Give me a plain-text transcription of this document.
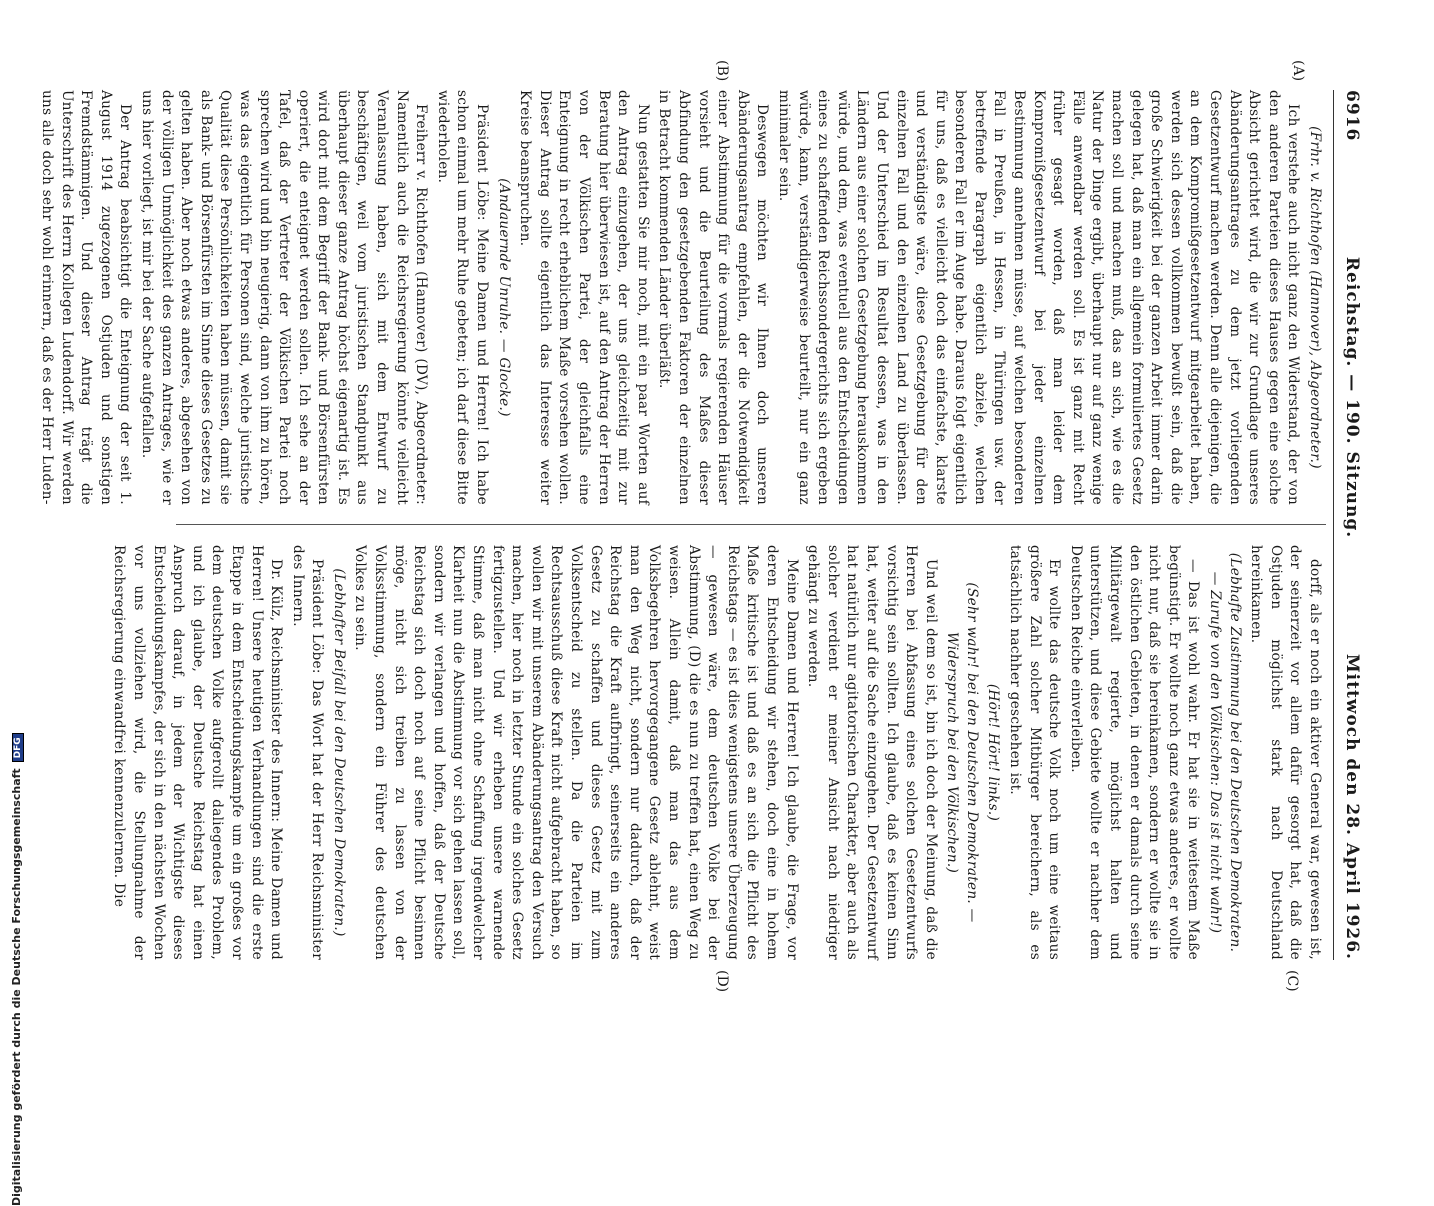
6916
Reichstag. — 190. Sitzung.
Mittwoch den 28. April 1926.

(Frhr. v. Richthofen (Hannover), Abgeordneter.)

Ich verstehe auch nicht ganz den Widerstand, der von den anderen Parteien dieses Hauses gegen eine solche Absicht gerichtet wird, die wir zur Grundlage unseres Abänderungsantrages zu dem jetzt vorliegenden Gesetzentwurf machen werden. Denn alle diejenigen, die an dem Kompromißgesetzentwurf mitgearbeitet haben, werden sich dessen vollkommen bewußt sein, daß die große Schwierigkeit bei der ganzen Arbeit immer darin gelegen hat, daß man ein allgemein formuliertes Gesetz machen soll und machen muß, das an sich, wie es die Natur der Dinge ergibt, überhaupt nur auf ganz wenige Fälle anwendbar werden soll. Es ist ganz mit Recht früher gesagt worden, daß man leider dem Kompromißgesetzentwurf bei jeder einzelnen Bestimmung annehmen müsse, auf welchen besonderen Fall in Preußen, in Hessen, in Thüringen usw. der betreffende Paragraph eigentlich abziele, welchen besonderen Fall er im Auge habe. Daraus folgt eigentlich für uns, daß es vielleicht doch das einfachste, klarste und verständigste wäre, diese Gesetzgebung für den einzelnen Fall und den einzelnen Land zu überlassen. Und der Unterschied im Resultat dessen, was in den Ländern aus einer solchen Gesetzgebung herauskommen würde, und dem, was eventuell aus den Entscheidungen eines zu schaffenden Reichssondergerichts sich ergeben würde, kann, verständigerweise beurteilt, nur ein ganz minimaler sein.

Deswegen möchten wir Ihnen doch unseren Abänderungsantrag empfehlen, der die Notwendigkeit einer Abstimmung für die vormals regierenden Häuser vorsieht und die Beurteilung des Maßes dieser Abfindung den gesetzgebenden Faktoren der einzelnen in Betracht kommenden Länder überläßt.

Nun gestatten Sie mir noch, mit ein paar Worten auf den Antrag einzugehen, der uns gleichzeitig mit zur Beratung hier überwiesen ist, auf den Antrag der Herren von der Völkischen Partei, der gleichfalls eine Enteignung in recht erheblichem Maße vorsehen wollen. Dieser Antrag sollte eigentlich das Interesse weiter Kreise beanspruchen.

(Andauernde Unruhe. — Glocke.)

Präsident Löbe: Meine Damen und Herren! Ich habe schon einmal um mehr Ruhe gebeten; ich darf diese Bitte wiederholen.

Freiherr v. Richthofen (Hannover) (DV), Abgeordneter: Namentlich auch die Reichsregierung könnte vielleicht Veranlassung haben, sich mit dem Entwurf zu beschäftigen, weil vom juristischen Standpunkt aus überhaupt dieser ganze Antrag höchst eigenartig ist. Es wird dort mit dem Begriff der Bank- und Börsenfürsten operiert, die enteignet werden sollen. Ich sehe an der Tafel, daß der Vertreter der Völkischen Partei noch sprechen wird und bin neugierig, dann von ihm zu hören, was das eigentlich für Personen sind, welche juristische Qualität diese Persönlichkeiten haben müssen, damit sie als Bank- und Börsenfürsten im Sinne dieses Gesetzes zu gelten haben. Aber noch etwas anderes, abgesehen von der völligen Unmöglichkeit des ganzen Antrages, wie er uns hier vorliegt, ist mir bei der Sache aufgefallen.

Der Antrag beabsichtigt die Enteignung der seit 1. August 1914 zugezogenen Ostjuden und sonstigen Fremdstämmigen. Und dieser Antrag trägt die Unterschrift des Herrn Kollegen Ludendorff. Wir werden uns alle doch sehr wohl erinnern, daß es der Herr Luden-

dorff, als er noch ein aktiver General war, gewesen ist, der seinerzeit vor allem dafür gesorgt hat, daß die Ostjuden möglichst stark nach Deutschland hereinkamen.

(Lebhafte Zustimmung bei den Deutschen Demokraten. — Zurufe von den Völkischen: Das ist nicht wahr!)

— Das ist wohl wahr. Er hat sie in weitestem Maße begünstigt. Er wollte noch ganz etwas anderes, er wollte nicht nur, daß sie hereinkamen, sondern er wollte sie in den östlichen Gebieten, in denen er damals durch seine Militärgewalt regierte, möglichst halten und unterstützen, und diese Gebiete wollte er nachher dem Deutschen Reiche einverleiben.

Er wollte das deutsche Volk noch um eine weitaus größere Zahl solcher Mitbürger bereichern, als es tatsächlich nachher geschehen ist.

(Hört! Hört! links.)

(Sehr wahr! bei den Deutschen Demokraten. — Widerspruch bei den Völkischen.)

Und weil dem so ist, bin ich doch der Meinung, daß die Herren bei Abfassung eines solchen Gesetzentwurfs vorsichtig sein sollten. Ich glaube, daß es keinen Sinn hat, weiter auf die Sache einzugehen. Der Gesetzentwurf hat natürlich nur agitatorischen Charakter, aber auch als solcher verdient er meiner Ansicht nach niedriger gehängt zu werden.

Meine Damen und Herren! Ich glaube, die Frage, vor deren Entscheidung wir stehen, doch eine in hohem Maße kritische ist und daß es an sich die Pflicht des Reichstags — es ist dies wenigstens unsere Überzeugung — gewesen wäre, dem deutschen Volke bei der Abstimmung, (D) die es nun zu treffen hat, einen Weg zu weisen. Allein damit, daß man das aus dem Volksbegehren hervorgegangene Gesetz ablehnt, weist man den Weg nicht, sondern nur dadurch, daß der Reichstag die Kraft aufbringt, seinerseits ein anderes Gesetz zu schaffen und dieses Gesetz mit zum Volksentscheid zu stellen. Da die Parteien im Rechtsausschuß diese Kraft nicht aufgebracht haben, so wollen wir mit unserem Abänderungsantrag den Versuch machen, hier noch in letzter Stunde ein solches Gesetz fertigzustellen. Und wir erheben unsere warnende Stimme, daß man nicht ohne Schaffung irgendwelcher Klarheit nun die Abstimmung vor sich gehen lassen soll, sondern wir verlangen und hoffen, daß der Deutsche Reichstag sich doch noch auf seine Pflicht besinnen möge, nicht sich treiben zu lassen von der Volksstimmung, sondern ein Führer des deutschen Volkes zu sein.

(Lebhafter Beifall bei den Deutschen Demokraten.)

Präsident Löbe: Das Wort hat der Herr Reichsminister des Innern.

Dr. Külz, Reichsminister des Innern: Meine Damen und Herren! Unsere heutigen Verhandlungen sind die erste Etappe in dem Entscheidungskampfe um ein großes vor dem deutschen Volke aufgerollt daliegendes Problem, und ich glaube, der Deutsche Reichstag hat einen Anspruch darauf, in jedem der Wichtigste dieses Entscheidungskampfes, der sich in den nächsten Wochen vor uns vollziehen wird, die Stellungnahme der Reichsregierung einwandfrei kennenzulernen. Die

(A)
(B)
(C)
(D)
Digitalisierung gefördert durch die Deutsche ForschungsgemeinschaftDFG
